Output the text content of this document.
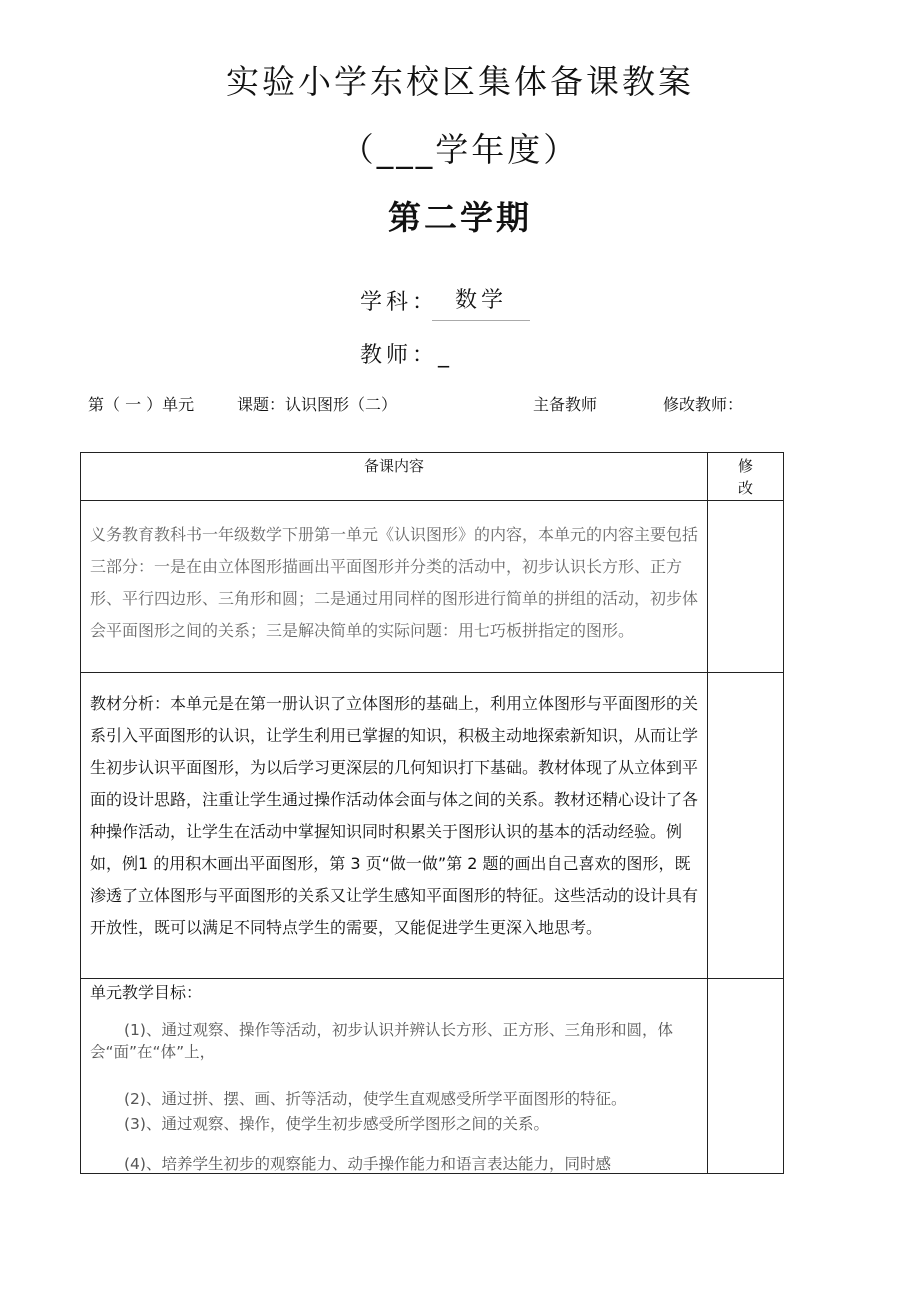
实验小学东校区集体备课教案
（___学年度）
第二学期
学科： 数学
教师：_
第（ 一 ）单元	课题：认识图形（二）	主备教师	修改教师：
备课内容	修改
义务教育教科书一年级数学下册第一单元《认识图形》的内容，本单元的内容主要包括三部分：一是在由立体图形描画出平面图形并分类的活动中，初步认识长方形、正方形、平行四边形、三角形和圆；二是通过用同样的图形进行简单的拼组的活动，初步体会平面图形之间的关系；三是解决简单的实际问题：用七巧板拼指定的图形。
教材分析：本单元是在第一册认识了立体图形的基础上，利用立体图形与平面图形的关系引入平面图形的认识，让学生利用已掌握的知识，积极主动地探索新知识，从而让学生初步认识平面图形，为以后学习更深层的几何知识打下基础。教材体现了从立体到平面的设计思路，注重让学生通过操作活动体会面与体之间的关系。教材还精心设计了各种操作活动，让学生在活动中掌握知识同时积累关于图形认识的基本的活动经验。例如，例1 的用积木画出平面图形，第 3 页“做一做”第 2 题的画出自己喜欢的图形，既渗透了立体图形与平面图形的关系又让学生感知平面图形的特征。这些活动的设计具有开放性，既可以满足不同特点学生的需要，又能促进学生更深入地思考。
单元教学目标：
(1)、通过观察、操作等活动，初步认识并辨认长方形、正方形、三角形和圆，体会“面”在“体”上，
(2)、通过拼、摆、画、折等活动，使学生直观感受所学平面图形的特征。
(3)、通过观察、操作，使学生初步感受所学图形之间的关系。
(4)、培养学生初步的观察能力、动手操作能力和语言表达能力，同时感
